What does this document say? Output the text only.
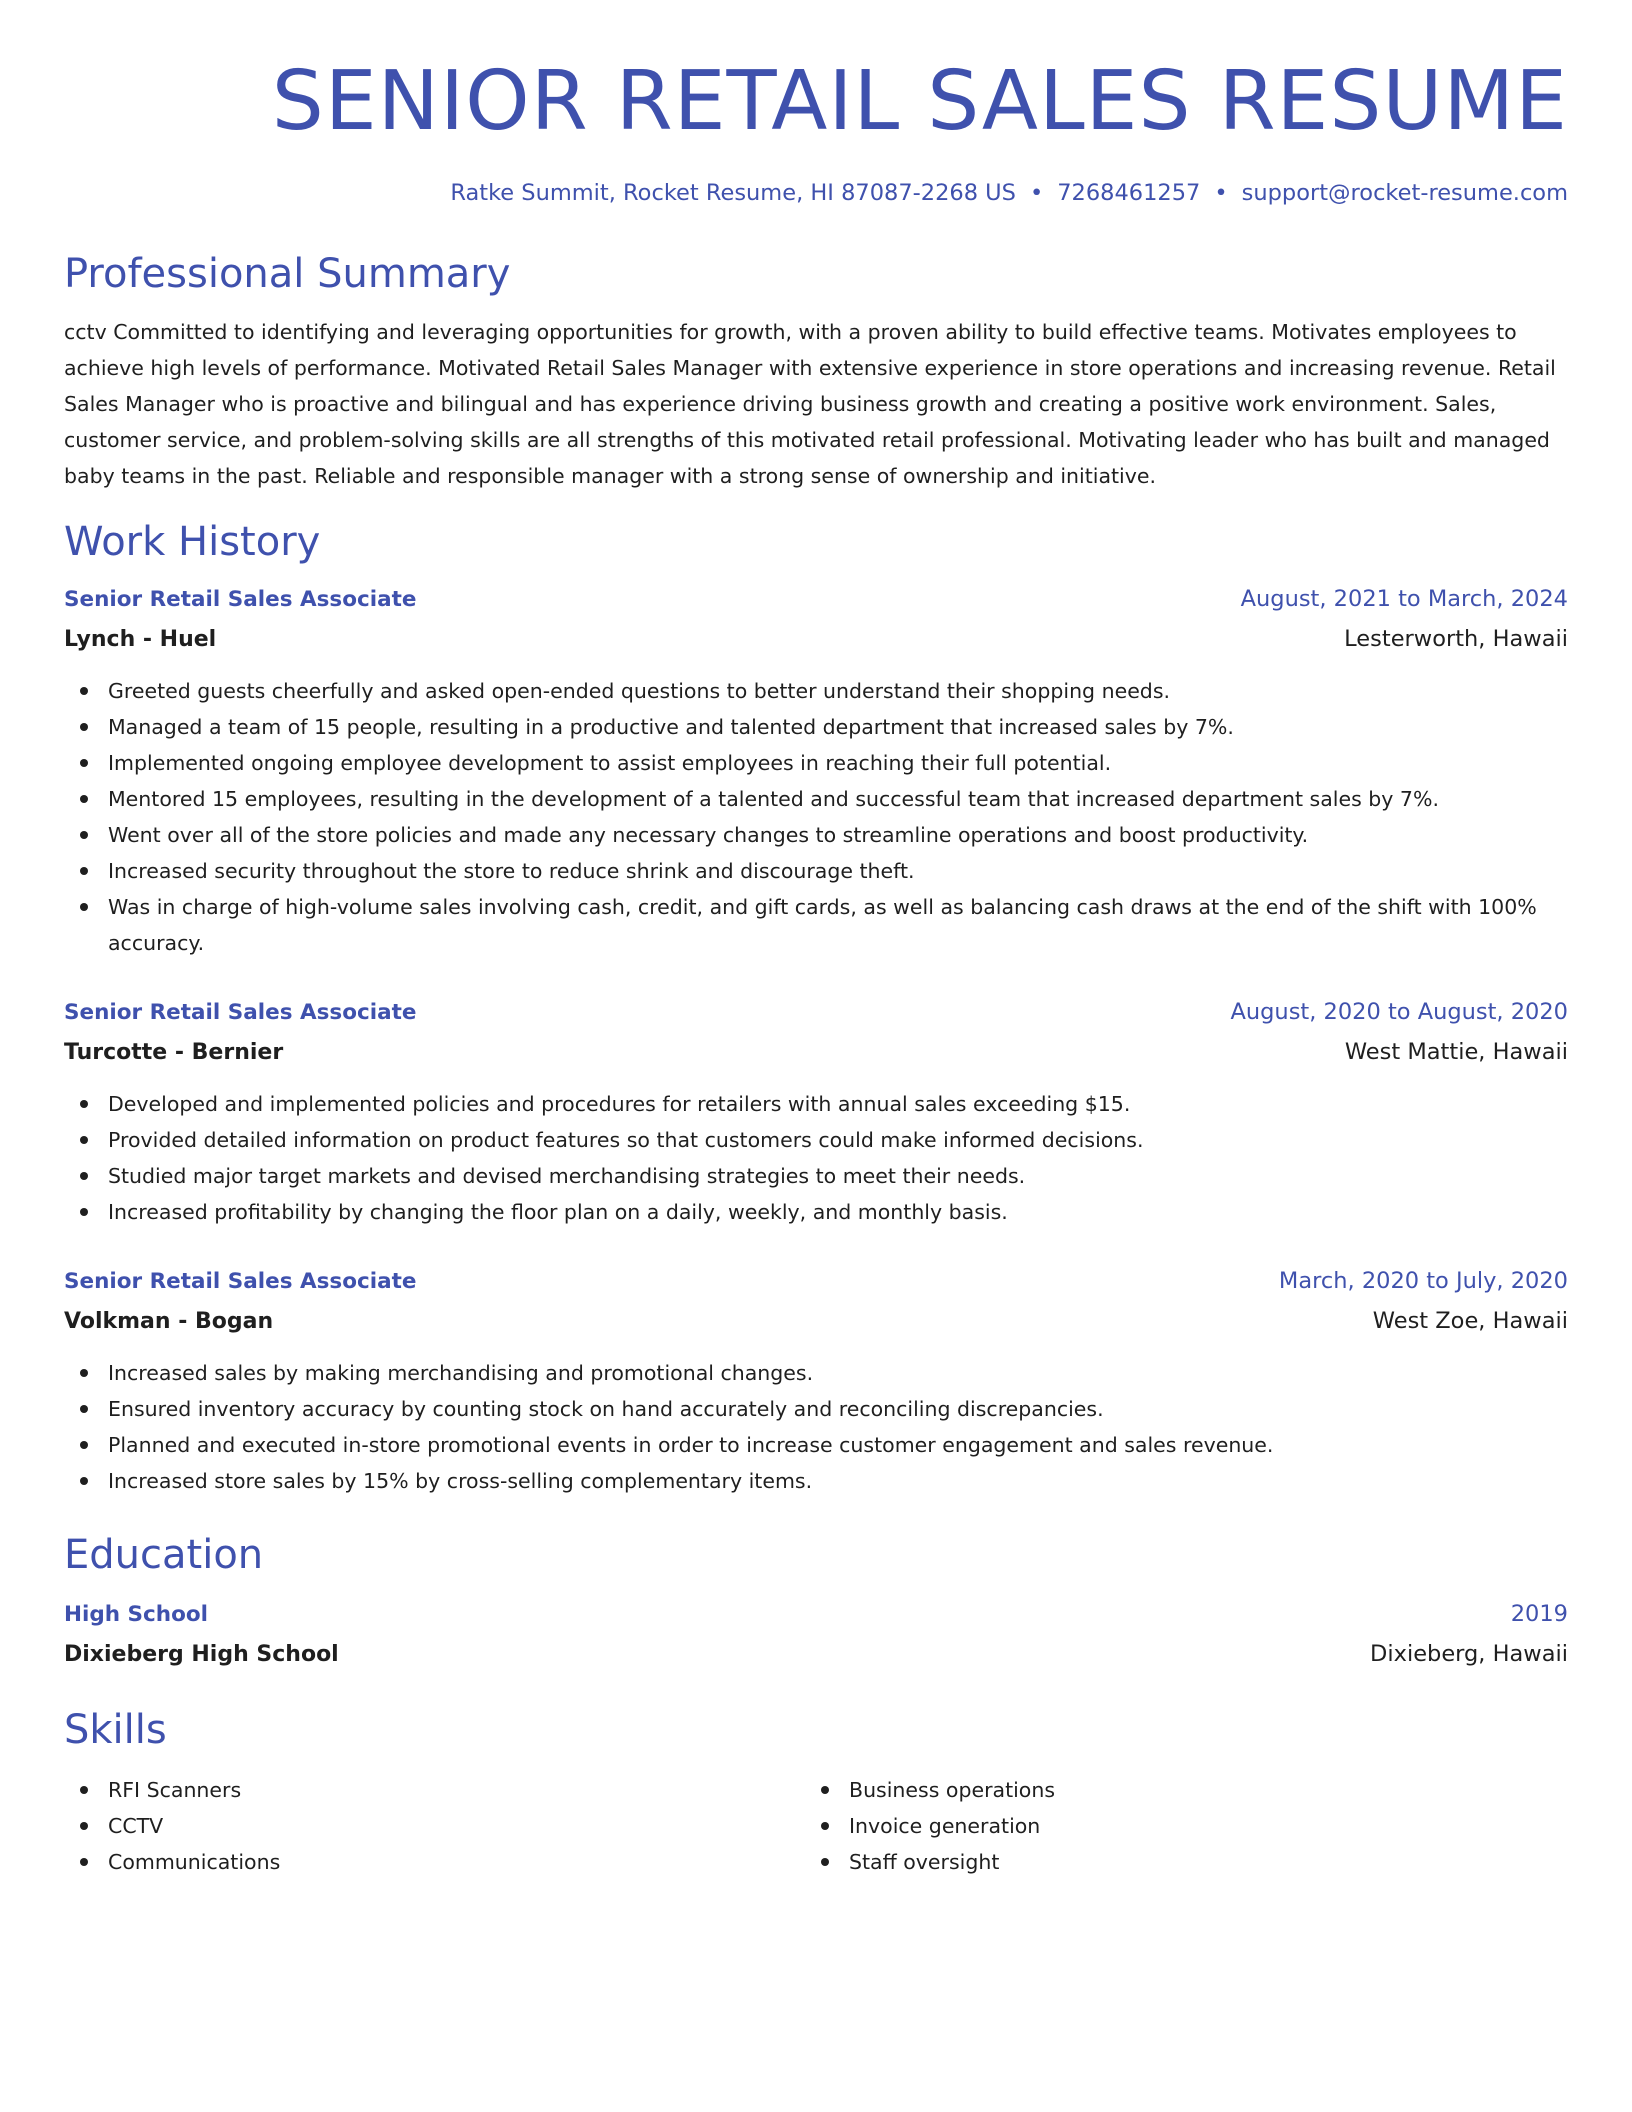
SENIOR RETAIL SALES RESUME
Ratke Summit, Rocket Resume, HI 87087-2268 US • 7268461257 • support@rocket-resume.com
Professional Summary

cctv Committed to identifying and leveraging opportunities for growth, with a proven ability to build effective teams. Motivates employees to achieve high levels of performance. Motivated Retail Sales Manager with extensive experience in store operations and increasing revenue. Retail Sales Manager who is proactive and bilingual and has experience driving business growth and creating a positive work environment. Sales, customer service, and problem-solving skills are all strengths of this motivated retail professional. Motivating leader who has built and managed baby teams in the past. Reliable and responsible manager with a strong sense of ownership and initiative.

Work History
Senior Retail Sales Associate	August, 2021 to March, 2024
Lynch - Huel	Lesterworth, Hawaii
Greeted guests cheerfully and asked open-ended questions to better understand their shopping needs.
Managed a team of 15 people, resulting in a productive and talented department that increased sales by 7%.
Implemented ongoing employee development to assist employees in reaching their full potential.
Mentored 15 employees, resulting in the development of a talented and successful team that increased department sales by 7%.
Went over all of the store policies and made any necessary changes to streamline operations and boost productivity.
Increased security throughout the store to reduce shrink and discourage theft.
Was in charge of high-volume sales involving cash, credit, and gift cards, as well as balancing cash draws at the end of the shift with 100% accuracy.
Senior Retail Sales Associate	August, 2020 to August, 2020
Turcotte - Bernier	West Mattie, Hawaii
Developed and implemented policies and procedures for retailers with annual sales exceeding $15.
Provided detailed information on product features so that customers could make informed decisions.
Studied major target markets and devised merchandising strategies to meet their needs.
Increased profitability by changing the floor plan on a daily, weekly, and monthly basis.
Senior Retail Sales Associate	March, 2020 to July, 2020
Volkman - Bogan	West Zoe, Hawaii
Increased sales by making merchandising and promotional changes.
Ensured inventory accuracy by counting stock on hand accurately and reconciling discrepancies.
Planned and executed in-store promotional events in order to increase customer engagement and sales revenue.
Increased store sales by 15% by cross-selling complementary items.
Education
High School	2019
Dixieberg High School	Dixieberg, Hawaii
Skills
RFI Scanners
CCTV
Communications
Business operations
Invoice generation
Staff oversight
